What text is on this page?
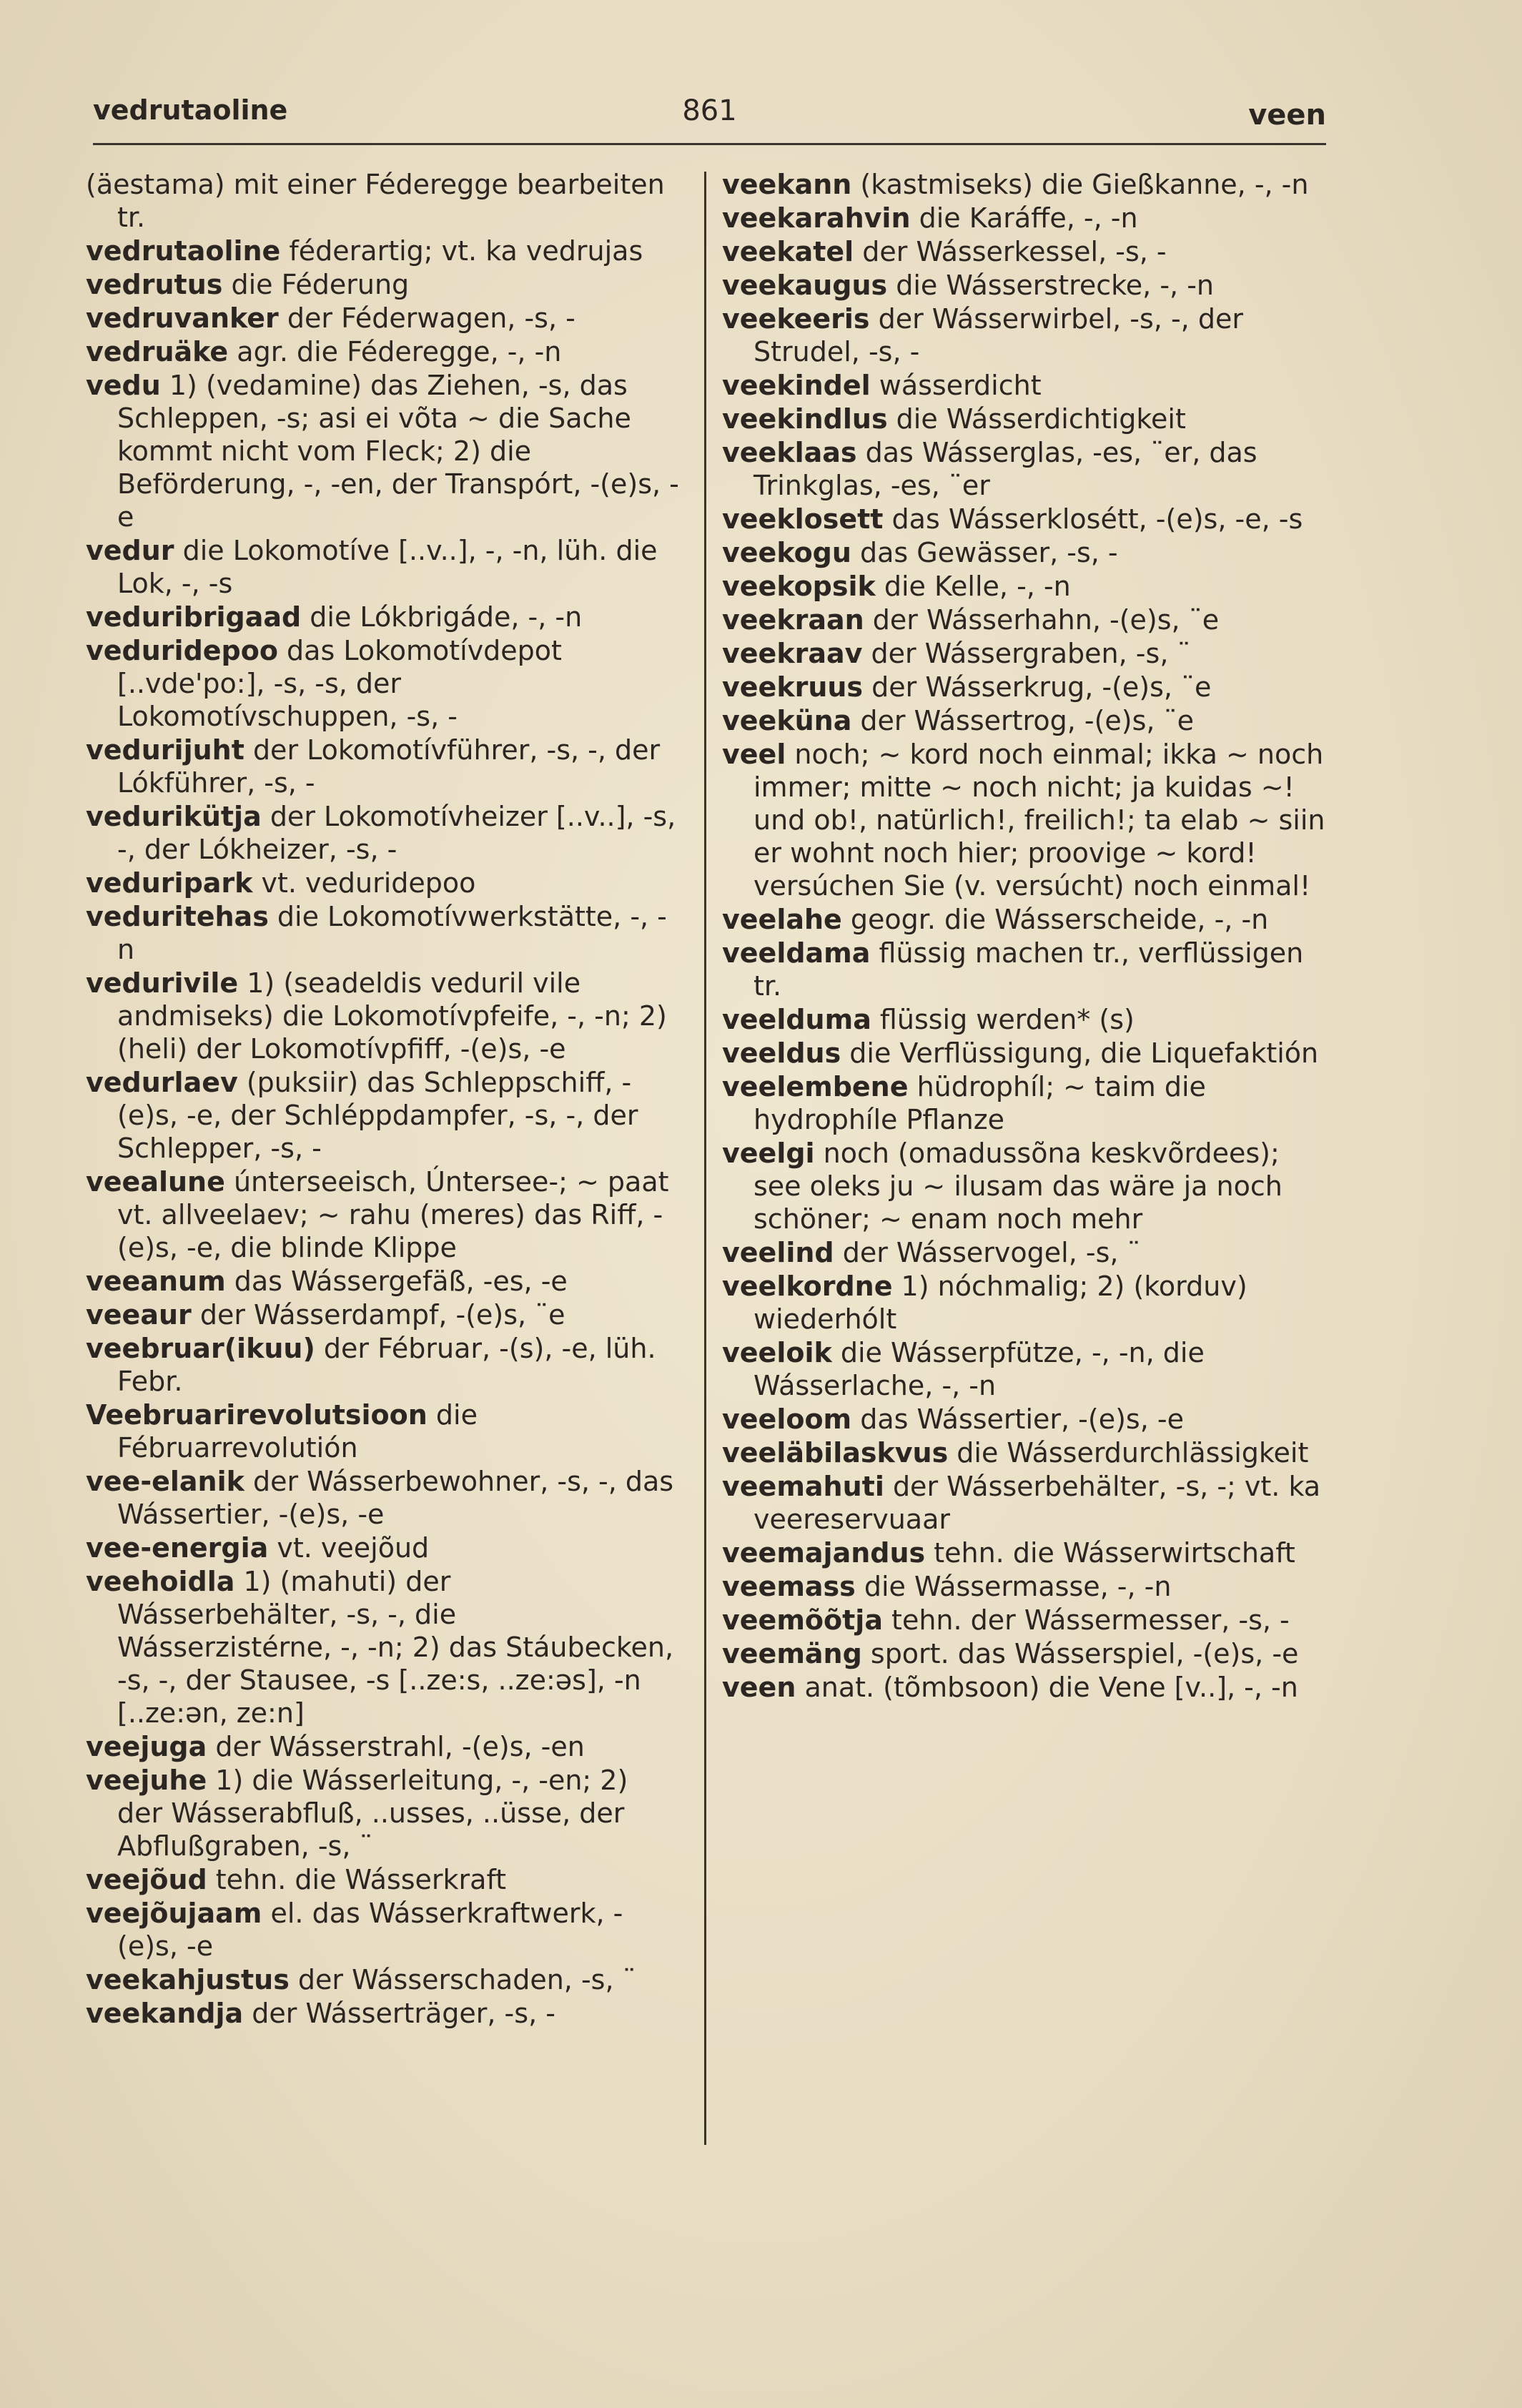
vedrutaoline	861	veen
(äestama) mit einer Féderegge bearbeiten tr.
vedrutaoline féderartig; vt. ka vedrujas
vedrutus die Féderung
vedruvanker der Féderwagen, -s, -
vedruäke agr. die Féderegge, -, -n
vedu 1) (vedamine) das Ziehen, -s, das Schleppen, -s; asi ei võta ~ die Sache kommt nicht vom Fleck; 2) die Beförderung, -, -en, der Transpórt, -(e)s, -e
vedur die Lokomotíve [..v..], -, -n, lüh. die Lok, -, -s
veduribrigaad die Lókbrigáde, -, -n
veduridepoo das Lokomotívdepot [..vde'po:], -s, -s, der Lokomotívschuppen, -s, -
vedurijuht der Lokomotívführer, -s, -, der Lókführer, -s, -
vedurikütja der Lokomotívheizer [..v..], -s, -, der Lókheizer, -s, -
veduripark vt. veduridepoo
veduritehas die Lokomotívwerkstätte, -, -n
vedurivile 1) (seadeldis veduril vile andmiseks) die Lokomotívpfeife, -, -n; 2) (heli) der Lokomotívpfiff, -(e)s, -e
vedurlaev (puksiir) das Schleppschiff, -(e)s, -e, der Schléppdampfer, -s, -, der Schlepper, -s, -
veealune únterseeisch, Úntersee-; ~ paat vt. allveelaev; ~ rahu (meres) das Riff, -(e)s, -e, die blinde Klippe
veeanum das Wássergefäß, -es, -e
veeaur der Wásserdampf, -(e)s, ¨e
veebruar(ikuu) der Fébruar, -(s), -e, lüh. Febr.
Veebruarirevolutsioon die Fébruarrevolutión
vee-elanik der Wásserbewohner, -s, -, das Wássertier, -(e)s, -e
vee-energia vt. veejõud
veehoidla 1) (mahuti) der Wásserbehälter, -s, -, die Wásserzistérne, -, -n; 2) das Stáubecken, -s, -, der Stausee, -s [..ze:s, ..ze:əs], -n [..ze:ən, ze:n]
veejuga der Wásserstrahl, -(e)s, -en
veejuhe 1) die Wásserleitung, -, -en; 2) der Wásserabfluß, ..usses, ..üsse, der Abflußgraben, -s, ¨
veejõud tehn. die Wásserkraft
veejõujaam el. das Wásserkraftwerk, -(e)s, -e
veekahjustus der Wásserschaden, -s, ¨
veekandja der Wásserträger, -s, -
veekann (kastmiseks) die Gießkanne, -, -n
veekarahvin die Karáffe, -, -n
veekatel der Wásserkessel, -s, -
veekaugus die Wásserstrecke, -, -n
veekeeris der Wásserwirbel, -s, -, der Strudel, -s, -
veekindel wásserdicht
veekindlus die Wásserdichtigkeit
veeklaas das Wásserglas, -es, ¨er, das Trinkglas, -es, ¨er
veeklosett das Wásserklosétt, -(e)s, -e, -s
veekogu das Gewässer, -s, -
veekopsik die Kelle, -, -n
veekraan der Wásserhahn, -(e)s, ¨e
veekraav der Wássergraben, -s, ¨
veekruus der Wásserkrug, -(e)s, ¨e
veeküna der Wássertrog, -(e)s, ¨e
veel noch; ~ kord noch einmal; ikka ~ noch immer; mitte ~ noch nicht; ja kuidas ~! und ob!, natürlich!, freilich!; ta elab ~ siin er wohnt noch hier; proovige ~ kord! versúchen Sie (v. versúcht) noch einmal!
veelahe geogr. die Wásserscheide, -, -n
veeldama flüssig machen tr., verflüssigen tr.
veelduma flüssig werden* (s)
veeldus die Verflüssigung, die Liquefaktión
veelembene hüdrophíl; ~ taim die hydrophíle Pflanze
veelgi noch (omadussõna keskvõrdees); see oleks ju ~ ilusam das wäre ja noch schöner; ~ enam noch mehr
veelind der Wásservogel, -s, ¨
veelkordne 1) nóchmalig; 2) (korduv) wiederhólt
veeloik die Wásserpfütze, -, -n, die Wásserlache, -, -n
veeloom das Wássertier, -(e)s, -e
veeläbilaskvus die Wásserdurchlässigkeit
veemahuti der Wásserbehälter, -s, -; vt. ka veereservuaar
veemajandus tehn. die Wásserwirtschaft
veemass die Wássermasse, -, -n
veemõõtja tehn. der Wássermesser, -s, -
veemäng sport. das Wásserspiel, -(e)s, -e
veen anat. (tõmbsoon) die Vene [v..], -, -n
